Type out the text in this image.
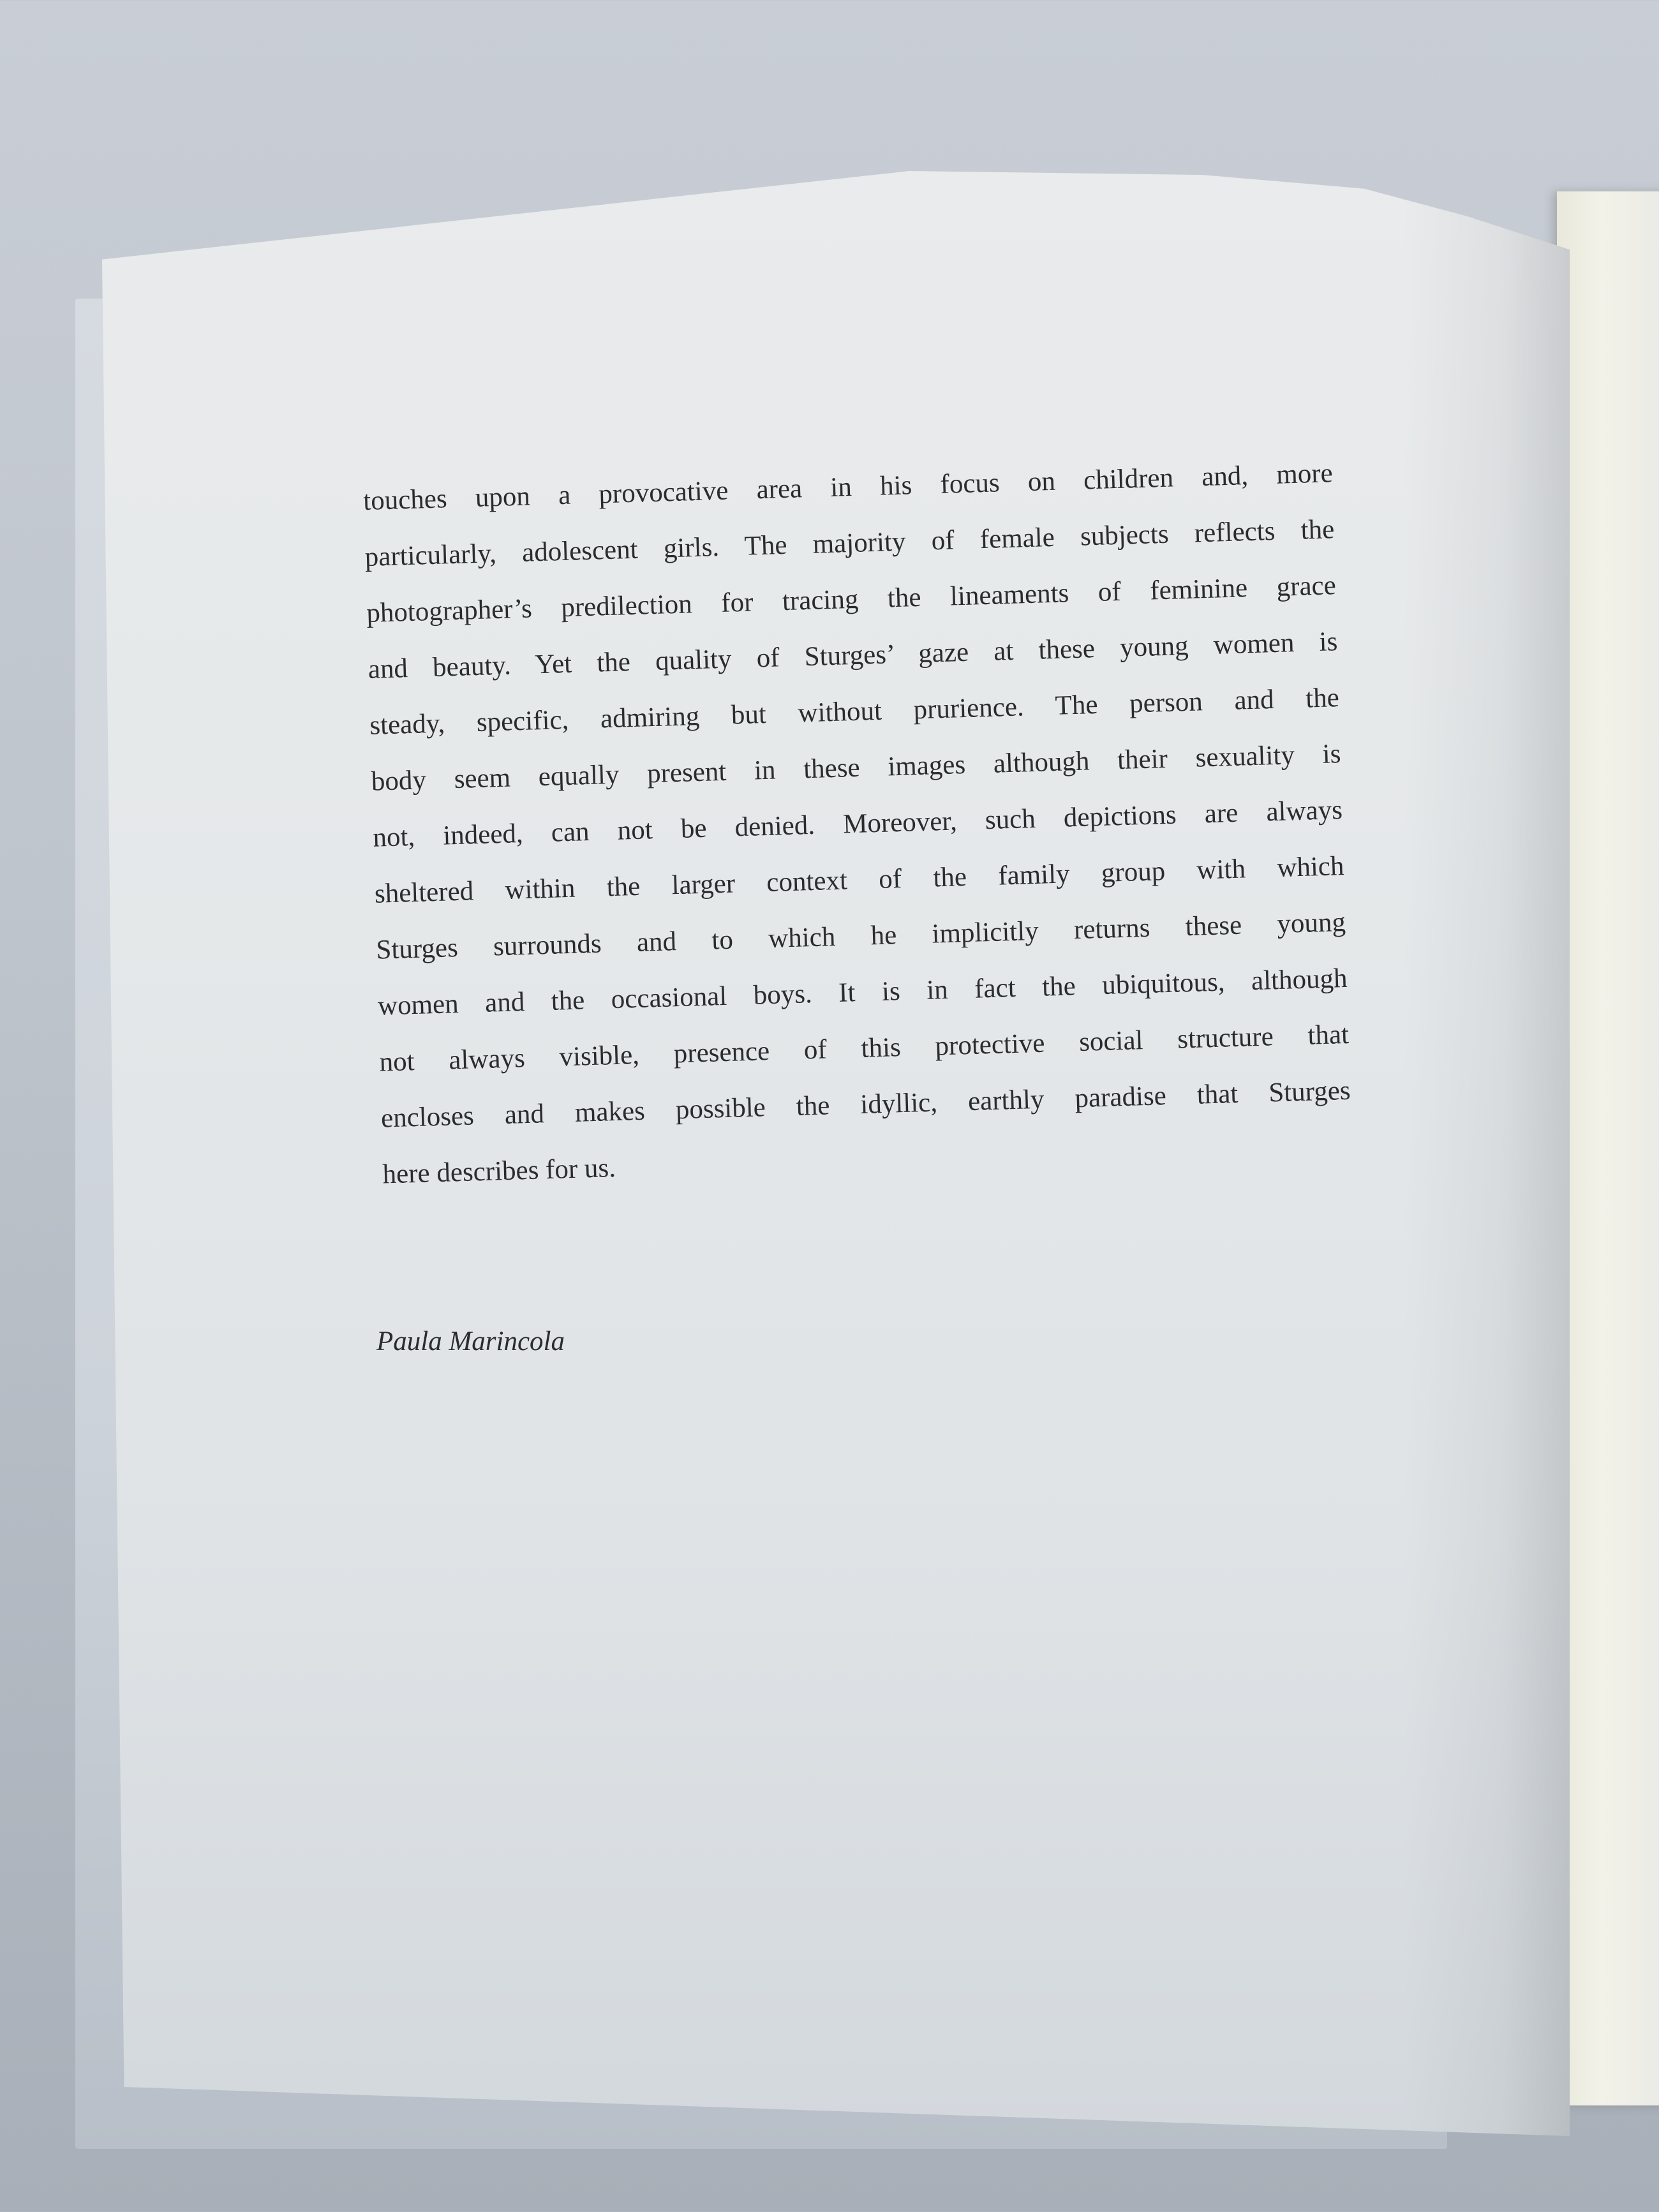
touches upon a provocative area in his focus on children and, more
particularly, adolescent girls. The majority of female subjects reflects the
photographer’s predilection for tracing the lineaments of feminine grace
and beauty. Yet the quality of Sturges’ gaze at these young women is
steady, specific, admiring but without prurience. The person and the
body seem equally present in these images although their sexuality is
not, indeed, can not be denied. Moreover, such depictions are always
sheltered within the larger context of the family group with which
Sturges surrounds and to which he implicitly returns these young
women and the occasional boys. It is in fact the ubiquitous, although
not always visible, presence of this protective social structure that
encloses and makes possible the idyllic, earthly paradise that Sturges
here describes for us.
Paula Marincola
